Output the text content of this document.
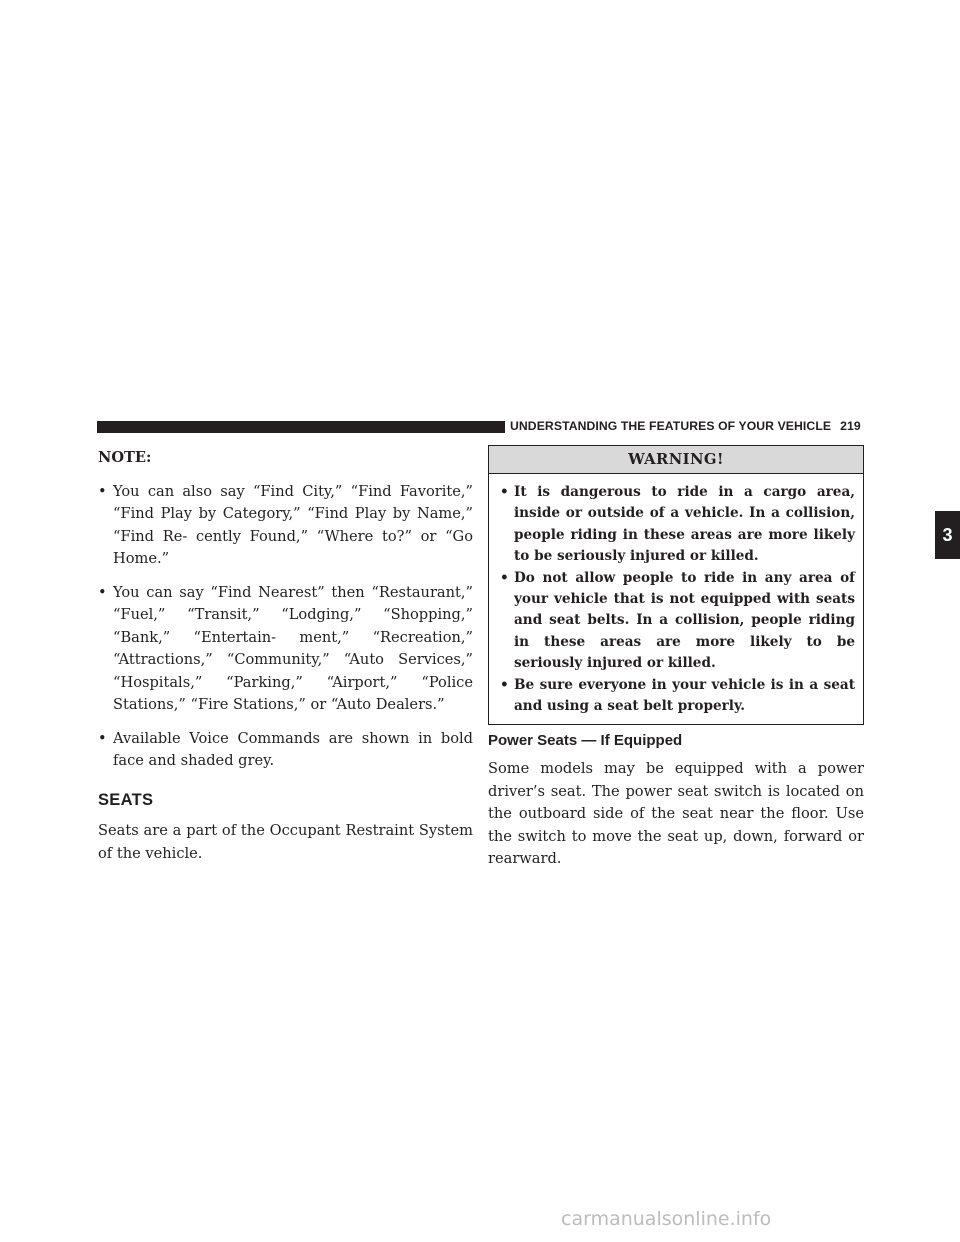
UNDERSTANDING THE FEATURES OF YOUR VEHICLE 219
3
NOTE:
• You can also say “Find City,” “Find Favorite,” “Find Play by Category,” “Find Play by Name,” “Find Re- cently Found,” “Where to?” or “Go Home.”
• You can say “Find Nearest” then “Restaurant,” “Fuel,” “Transit,” “Lodging,” “Shopping,” “Bank,” “Entertain- ment,” “Recreation,” “Attractions,” “Community,” “Auto Services,” “Hospitals,” “Parking,” “Airport,” “Police Stations,” “Fire Stations,” or “Auto Dealers.”
• Available Voice Commands are shown in bold face and shaded grey.
SEATS

Seats are a part of the Occupant Restraint System of the vehicle.

WARNING!
• It is dangerous to ride in a cargo area, inside or outside of a vehicle. In a collision, people riding in these areas are more likely to be seriously injured or killed.
• Do not allow people to ride in any area of your vehicle that is not equipped with seats and seat belts. In a collision, people riding in these areas are more likely to be seriously injured or killed.
• Be sure everyone in your vehicle is in a seat and using a seat belt properly.
Power Seats — If Equipped

Some models may be equipped with a power driver’s seat. The power seat switch is located on the outboard side of the seat near the floor. Use the switch to move the seat up, down, forward or rearward.

carmanualsonline.info
